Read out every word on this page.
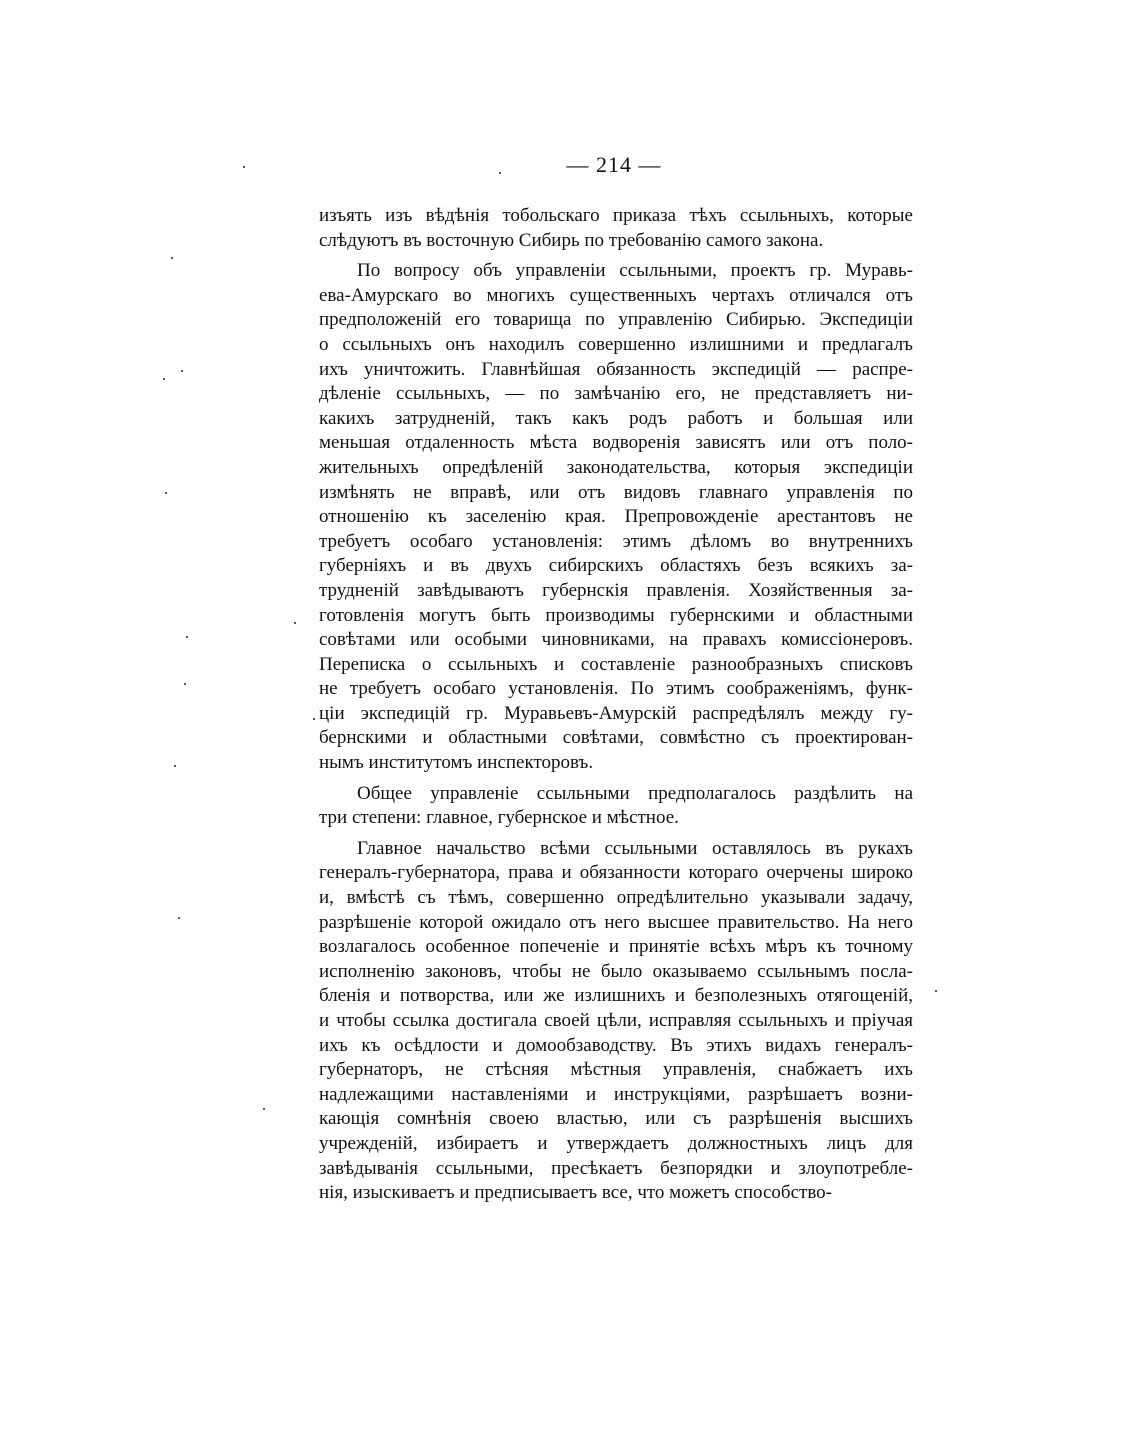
— 214 —
изъять изъ вѣдѣнія тобольскаго приказа тѣхъ ссыльныхъ, которые
слѣдуютъ въ восточную Сибирь по требованію самого закона.
По вопросу объ управленіи ссыльными, проектъ гр. Муравь-
ева-Амурскаго во многихъ существенныхъ чертахъ отличался отъ
предположеній его товарища по управленію Сибирью. Экспедиціи
о ссыльныхъ онъ находилъ совершенно излишними и предлагалъ
ихъ уничтожить. Главнѣйшая обязанность экспедицій — распре-
дѣленіе ссыльныхъ, — по замѣчанію его, не представляетъ ни-
какихъ затрудненій, такъ какъ родъ работъ и большая или
меньшая отдаленность мѣста водворенія зависятъ или отъ поло-
жительныхъ опредѣленій законодательства, которыя экспедиціи
измѣнять не вправѣ, или отъ видовъ главнаго управленія по
отношенію къ заселенію края. Препровожденіе арестантовъ не
требуетъ особаго установленія: этимъ дѣломъ во внутреннихъ
губерніяхъ и въ двухъ сибирскихъ областяхъ безъ всякихъ за-
трудненій завѣдываютъ губернскія правленія. Хозяйственныя за-
готовленія могутъ быть производимы губернскими и областными
совѣтами или особыми чиновниками, на правахъ комиссіонеровъ.
Переписка о ссыльныхъ и составленіе разнообразныхъ списковъ
не требуетъ особаго установленія. По этимъ соображеніямъ, функ-
ціи экспедицій гр. Муравьевъ-Амурскій распредѣлялъ между гу-
бернскими и областными совѣтами, совмѣстно съ проектирован-
нымъ институтомъ инспекторовъ.
Общее управленіе ссыльными предполагалось раздѣлить на
три степени: главное, губернское и мѣстное.
Главное начальство всѣми ссыльными оставлялось въ рукахъ
генералъ-губернатора, права и обязанности котораго очерчены широко
и, вмѣстѣ съ тѣмъ, совершенно опредѣлительно указывали задачу,
разрѣшеніе которой ожидало отъ него высшее правительство. На него
возлагалось особенное попеченіе и принятіе всѣхъ мѣръ къ точному
исполненію законовъ, чтобы не было оказываемо ссыльнымъ посла-
бленія и потворства, или же излишнихъ и безполезныхъ отягощеній,
и чтобы ссылка достигала своей цѣли, исправляя ссыльныхъ и пріучая
ихъ къ осѣдлости и домообзаводству. Въ этихъ видахъ генералъ-
губернаторъ, не стѣсняя мѣстныя управленія, снабжаетъ ихъ
надлежащими наставленіями и инструкціями, разрѣшаетъ возни-
кающія сомнѣнія своею властью, или съ разрѣшенія высшихъ
учрежденій, избираетъ и утверждаетъ должностныхъ лицъ для
завѣдыванія ссыльными, пресѣкаетъ безпорядки и злоупотребле-
нія, изыскиваетъ и предписываетъ все, что можетъ способство-
